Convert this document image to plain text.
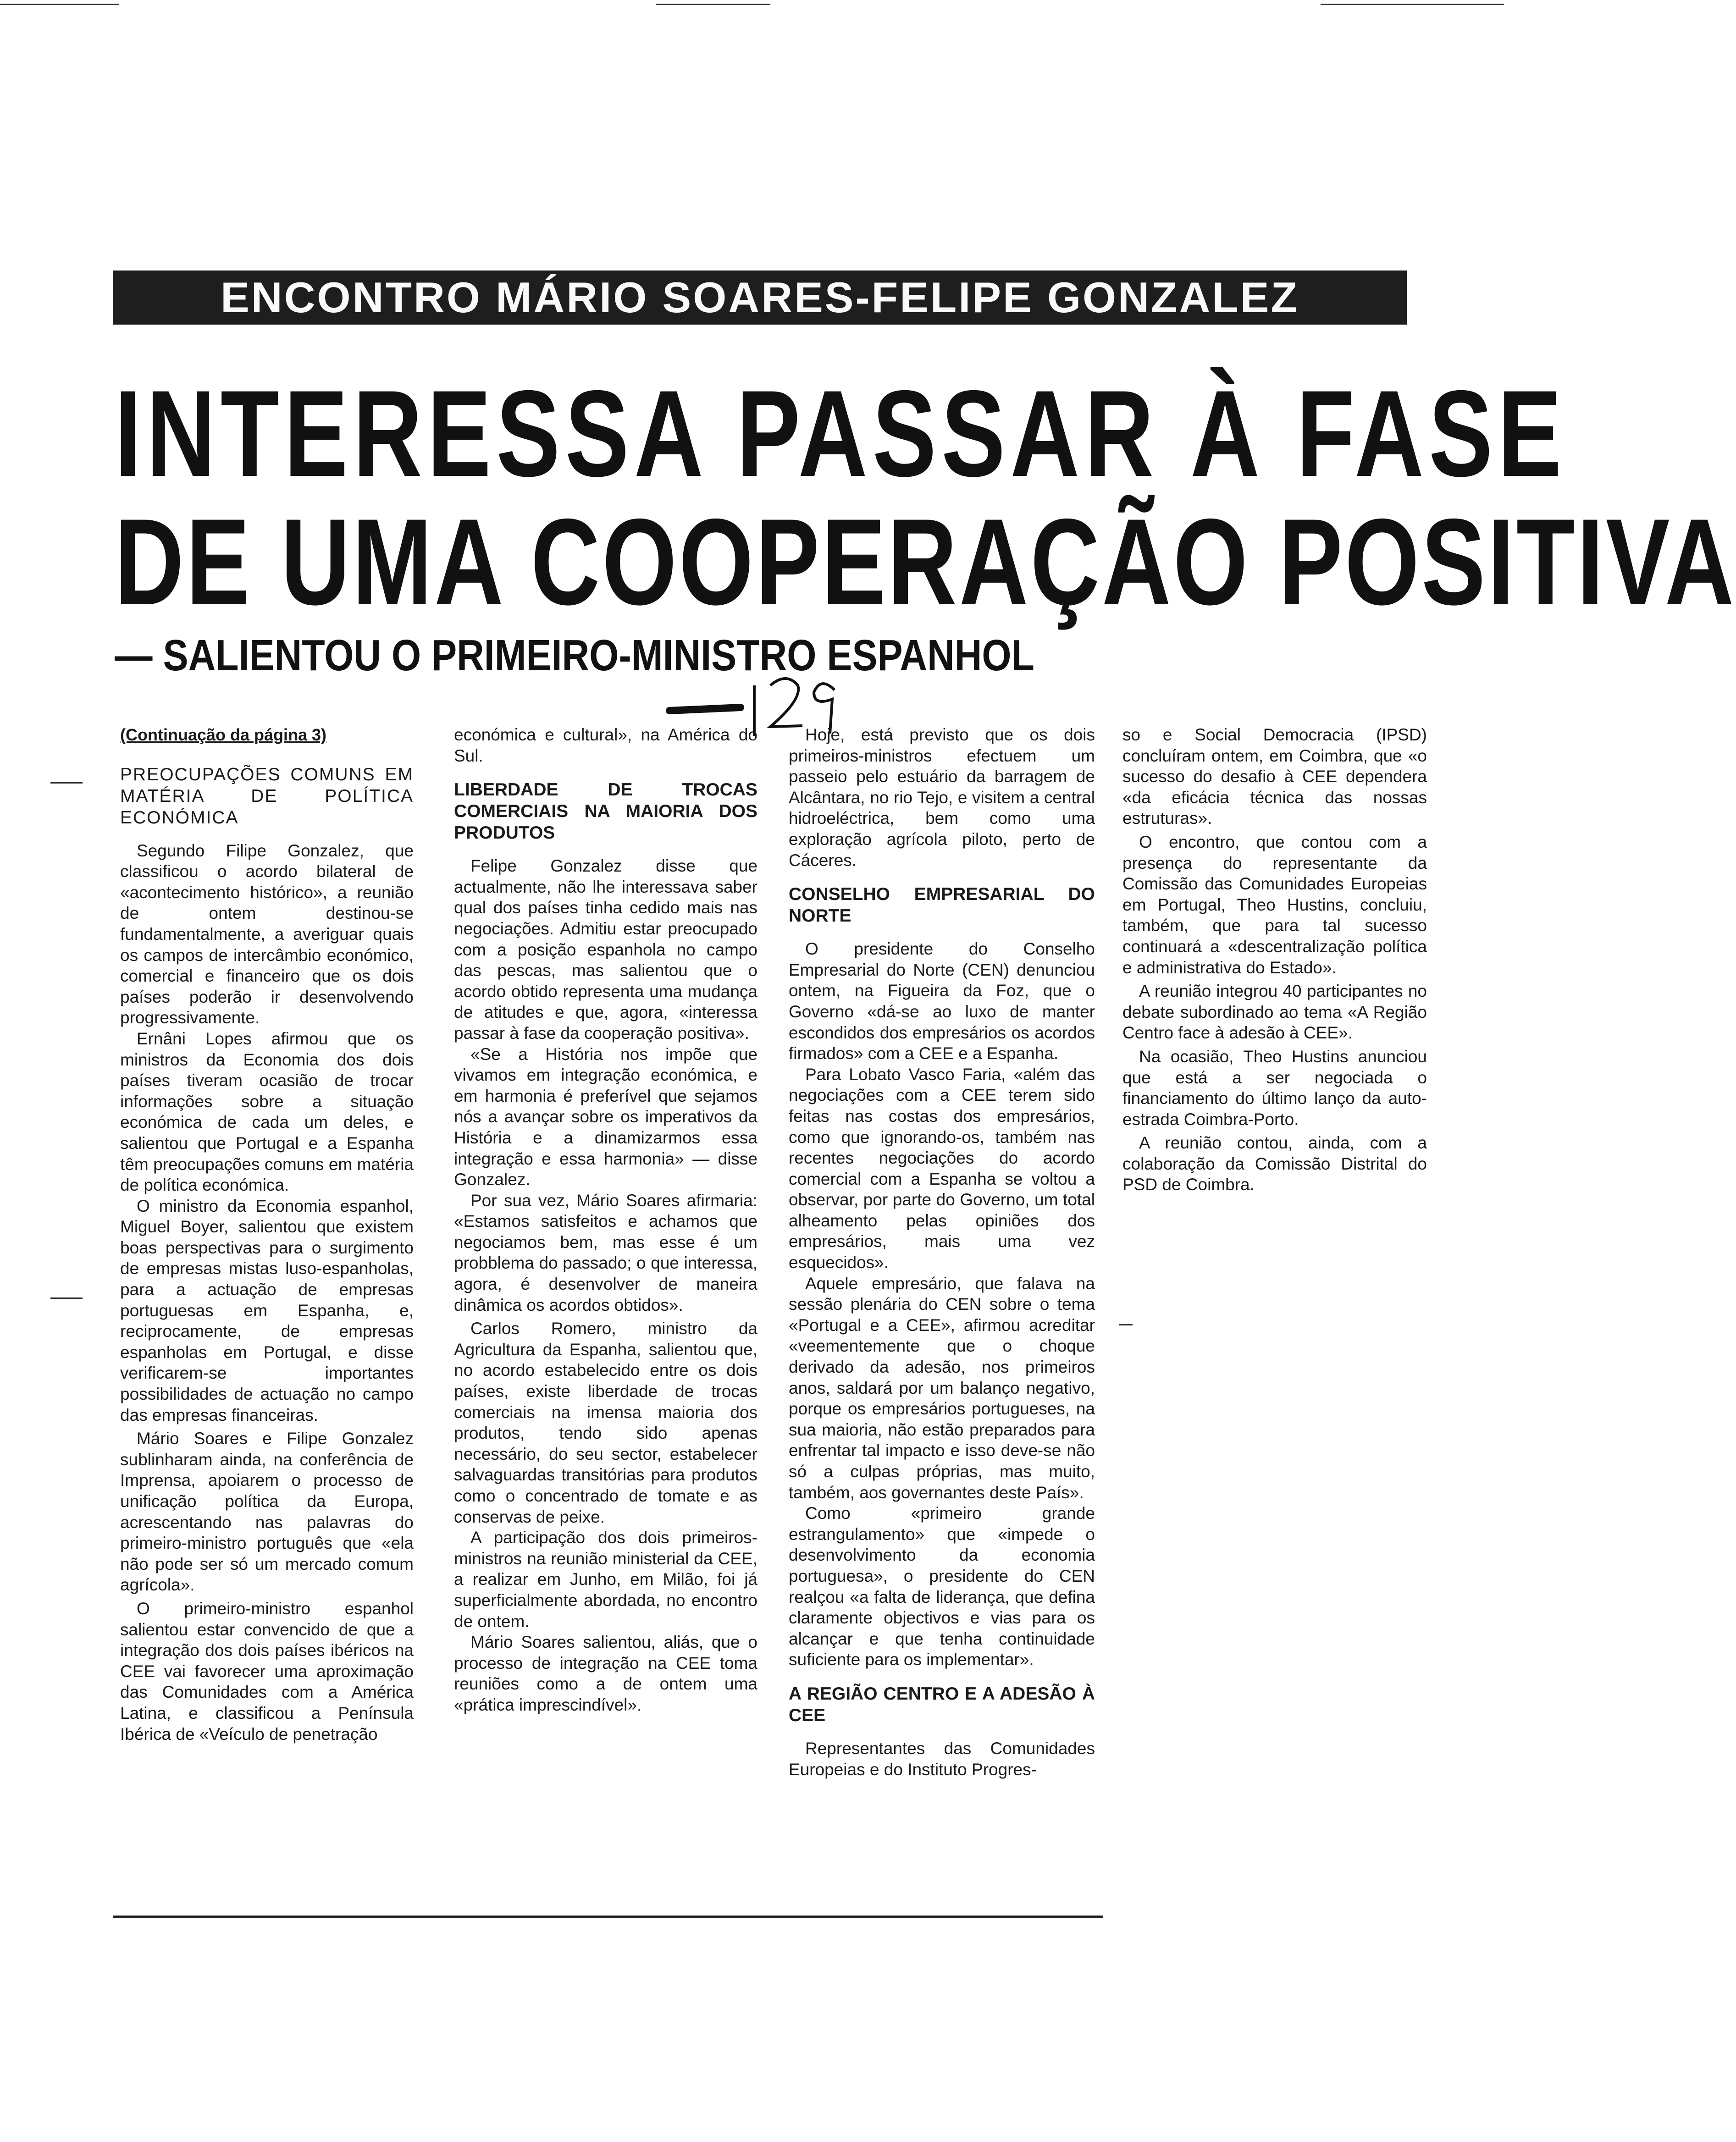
ENCONTRO MÁRIO SOARES-FELIPE GONZALEZ
INTERESSA PASSAR À FASE
DE UMA COOPERAÇÃO POSITIVA
— SALIENTOU O PRIMEIRO-MINISTRO ESPANHOL

(Continuação da página 3)

PREOCUPAÇÕES COMUNS EM MATÉRIA DE POLÍTICA ECONÓMICA

Segundo Filipe Gonzalez, que classificou o acordo bilateral de «acontecimento histórico», a reunião de ontem destinou-se fundamentalmente, a averiguar quais os campos de intercâmbio económico, comercial e financeiro que os dois países poderão ir desenvolvendo progressivamente.

Ernâni Lopes afirmou que os ministros da Economia dos dois países tiveram ocasião de trocar informações sobre a situação económica de cada um deles, e salientou que Portugal e a Espanha têm preocupações comuns em matéria de política económica.

O ministro da Economia espanhol, Miguel Boyer, salientou que existem boas perspectivas para o surgimento de empresas mistas luso-espanholas, para a actuação de empresas portuguesas em Espanha, e, reciprocamente, de empresas espanholas em Portugal, e disse verificarem-se importantes possibilidades de actuação no campo das empresas financeiras.

Mário Soares e Filipe Gonzalez sublinharam ainda, na conferência de Imprensa, apoiarem o processo de unificação política da Europa, acrescentando nas palavras do primeiro-ministro português que «ela não pode ser só um mercado comum agrícola».

O primeiro-ministro espanhol salientou estar convencido de que a integração dos dois países ibéricos na CEE vai favorecer uma aproximação das Comunidades com a América Latina, e classificou a Península Ibérica de «Veículo de penetração

económica e cultural», na América do Sul.

LIBERDADE DE TROCAS COMERCIAIS NA MAIORIA DOS PRODUTOS

Felipe Gonzalez disse que actualmente, não lhe interessava saber qual dos países tinha cedido mais nas negociações. Admitiu estar preocupado com a posição espanhola no campo das pescas, mas salientou que o acordo obtido representa uma mudança de atitudes e que, agora, «interessa passar à fase da cooperação positiva».

«Se a História nos impõe que vivamos em integração económica, e em harmonia é preferível que sejamos nós a avançar sobre os imperativos da História e a dinamizarmos essa integração e essa harmonia» — disse Gonzalez.

Por sua vez, Mário Soares afirmaria: «Estamos satisfeitos e achamos que negociamos bem, mas esse é um probblema do passado; o que interessa, agora, é desenvolver de maneira dinâmica os acordos obtidos».

Carlos Romero, ministro da Agricultura da Espanha, salientou que, no acordo estabelecido entre os dois países, existe liberdade de trocas comerciais na imensa maioria dos produtos, tendo sido apenas necessário, do seu sector, estabelecer salvaguardas transitórias para produtos como o concentrado de tomate e as conservas de peixe.

A participação dos dois primeiros-ministros na reunião ministerial da CEE, a realizar em Junho, em Milão, foi já superficialmente abordada, no encontro de ontem.

Mário Soares salientou, aliás, que o processo de integração na CEE toma reuniões como a de ontem uma «prática imprescindível».

Hoje, está previsto que os dois primeiros-ministros efectuem um passeio pelo estuário da barragem de Alcântara, no rio Tejo, e visitem a central hidroeléctrica, bem como uma exploração agrícola piloto, perto de Cáceres.

CONSELHO EMPRESARIAL DO NORTE

O presidente do Conselho Empresarial do Norte (CEN) denunciou ontem, na Figueira da Foz, que o Governo «dá-se ao luxo de manter escondidos dos empresários os acordos firmados» com a CEE e a Espanha.

Para Lobato Vasco Faria, «além das negociações com a CEE terem sido feitas nas costas dos empresários, como que ignorando-os, também nas recentes negociações do acordo comercial com a Espanha se voltou a observar, por parte do Governo, um total alheamento pelas opiniões dos empresários, mais uma vez esquecidos».

Aquele empresário, que falava na sessão plenária do CEN sobre o tema «Portugal e a CEE», afirmou acreditar «veementemente que o choque derivado da adesão, nos primeiros anos, saldará por um balanço negativo, porque os empresários portugueses, na sua maioria, não estão preparados para enfrentar tal impacto e isso deve-se não só a culpas próprias, mas muito, também, aos governantes deste País».

Como «primeiro grande estrangulamento» que «impede o desenvolvimento da economia portuguesa», o presidente do CEN realçou «a falta de liderança, que defina claramente objectivos e vias para os alcançar e que tenha continuidade suficiente para os implementar».

A REGIÃO CENTRO E A ADESÃO À CEE

Representantes das Comunidades Europeias e do Instituto Progres-

so e Social Democracia (IPSD) concluíram ontem, em Coimbra, que «o sucesso do desafio à CEE dependera «da eficácia técnica das nossas estruturas».

O encontro, que contou com a presença do representante da Comissão das Comunidades Europeias em Portugal, Theo Hustins, concluiu, também, que para tal sucesso continuará a «descentralização política e administrativa do Estado».

A reunião integrou 40 participantes no debate subordinado ao tema «A Região Centro face à adesão à CEE».

Na ocasião, Theo Hustins anunciou que está a ser negociada o financiamento do último lanço da auto-estrada Coimbra-Porto.

A reunião contou, ainda, com a colaboração da Comissão Distrital do PSD de Coimbra.
